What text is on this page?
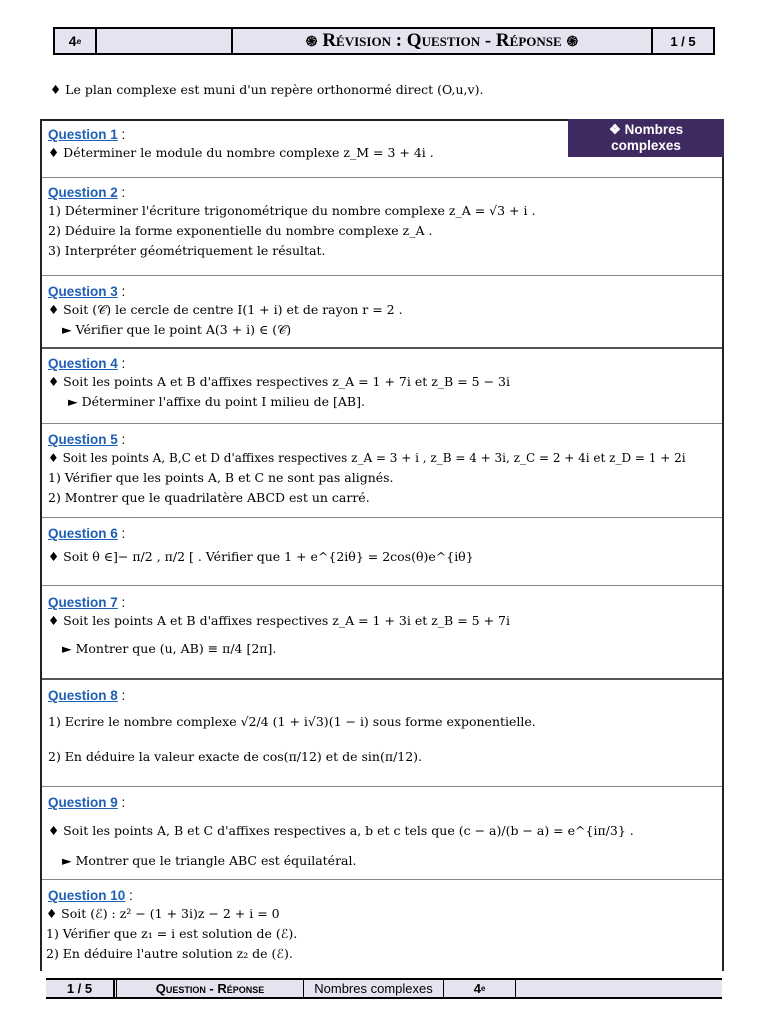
4 e	֍ Révision : Question - Réponse ֍	1 / 5
♦ Le plan complexe est muni d'un repère orthonormé direct (O,u,v).
❖ Nombres complexes
Question 1 :
♦ Déterminer le module du nombre complexe z_M = 3 + 4i .
Question 2 :
1) Déterminer l'écriture trigonométrique du nombre complexe z_A = √3 + i .
2) Déduire la forme exponentielle du nombre complexe z_A .
3) Interpréter géométriquement le résultat.
Question 3 :
♦ Soit (𝒞) le cercle de centre I(1 + i) et de rayon r = 2 .
► Vérifier que le point A(3 + i) ∈ (𝒞)
Question 4 :
♦ Soit les points A et B d'affixes respectives z_A = 1 + 7i et z_B = 5 − 3i
► Déterminer l'affixe du point I milieu de [AB].
Question 5 :
♦ Soit les points A, B,C et D d'affixes respectives z_A = 3 + i , z_B = 4 + 3i, z_C = 2 + 4i et z_D = 1 + 2i
1) Vérifier que les points A, B et C ne sont pas alignés.
2) Montrer que le quadrilatère ABCD est un carré.
Question 6 :
♦ Soit θ ∈]− π/2 , π/2 [ . Vérifier que 1 + e^{2iθ} = 2cos(θ)e^{iθ}
Question 7 :
♦ Soit les points A et B d'affixes respectives z_A = 1 + 3i et z_B = 5 + 7i
► Montrer que (u, AB) ≡ π/4 [2π].
Question 8 :
1) Ecrire le nombre complexe √2/4 (1 + i√3)(1 − i) sous forme exponentielle.
2) En déduire la valeur exacte de cos(π/12) et de sin(π/12).
Question 9 :
♦ Soit les points A, B et C d'affixes respectives a, b et c tels que (c − a)/(b − a) = e^{iπ/3} .
► Montrer que le triangle ABC est équilatéral.
Question 10 :
♦ Soit (ℰ) : z² − (1 + 3i)z − 2 + i = 0
1) Vérifier que z₁ = i est solution de (ℰ).
2) En déduire l'autre solution z₂ de (ℰ).
1 / 5	Question - Réponse	Nombres complexes	4 e
